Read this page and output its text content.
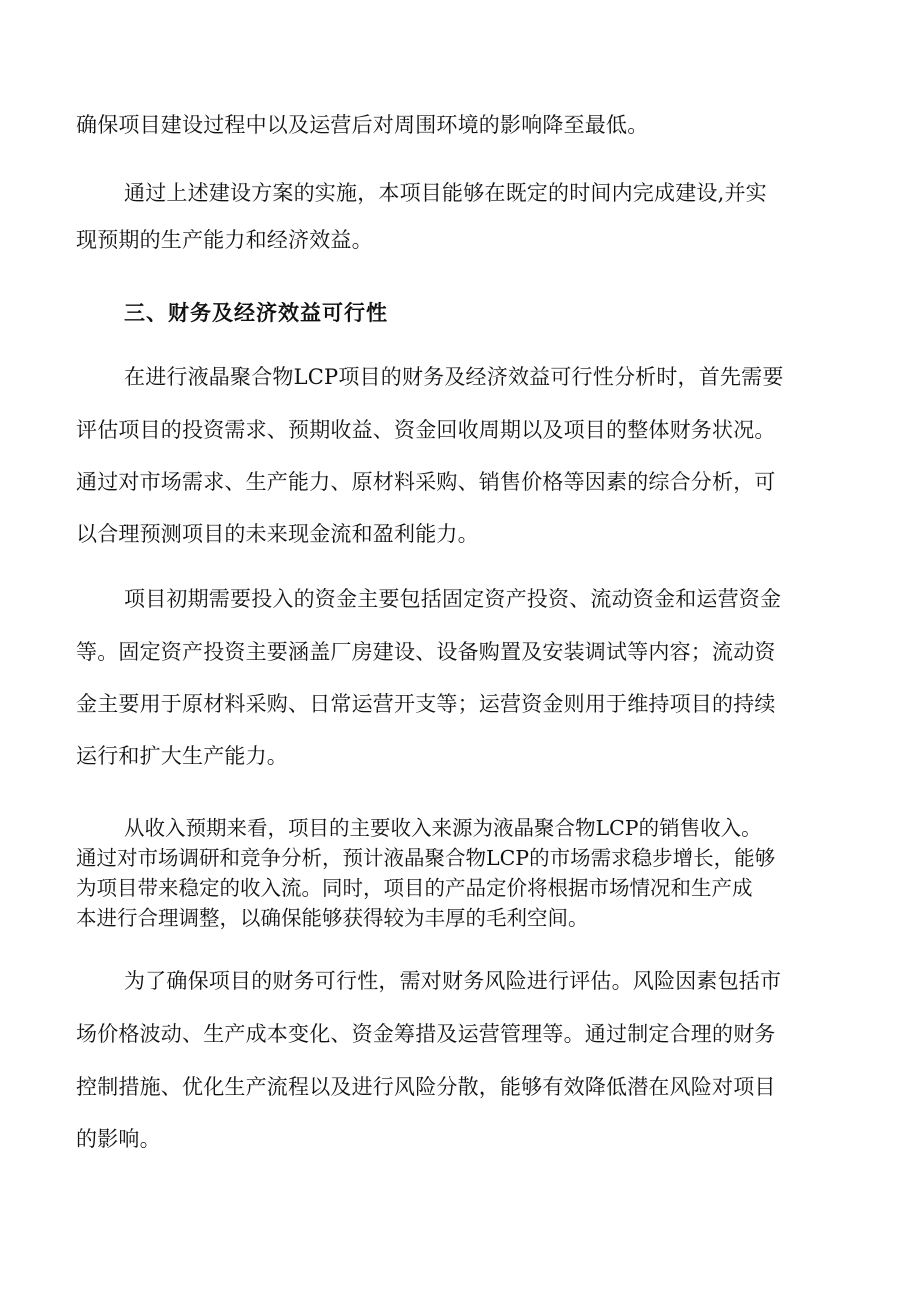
确保项目建设过程中以及运营后对周围环境的影响降至最低。
通过上述建设方案的实施，本项目能够在既定的时间内完成建设,并实
现预期的生产能力和经济效益。
三、财务及经济效益可行性
在进行液晶聚合物LCP项目的财务及经济效益可行性分析时，首先需要
评估项目的投资需求、预期收益、资金回收周期以及项目的整体财务状况。
通过对市场需求、生产能力、原材料采购、销售价格等因素的综合分析，可
以合理预测项目的未来现金流和盈利能力。
项目初期需要投入的资金主要包括固定资产投资、流动资金和运营资金
等。固定资产投资主要涵盖厂房建设、设备购置及安装调试等内容；流动资
金主要用于原材料采购、日常运营开支等；运营资金则用于维持项目的持续
运行和扩大生产能力。
从收入预期来看，项目的主要收入来源为液晶聚合物LCP的销售收入。
通过对市场调研和竞争分析，预计液晶聚合物LCP的市场需求稳步增长，能够
为项目带来稳定的收入流。同时，项目的产品定价将根据市场情况和生产成
本进行合理调整，以确保能够获得较为丰厚的毛利空间。
为了确保项目的财务可行性，需对财务风险进行评估。风险因素包括市
场价格波动、生产成本变化、资金筹措及运营管理等。通过制定合理的财务
控制措施、优化生产流程以及进行风险分散，能够有效降低潜在风险对项目
的影响。
